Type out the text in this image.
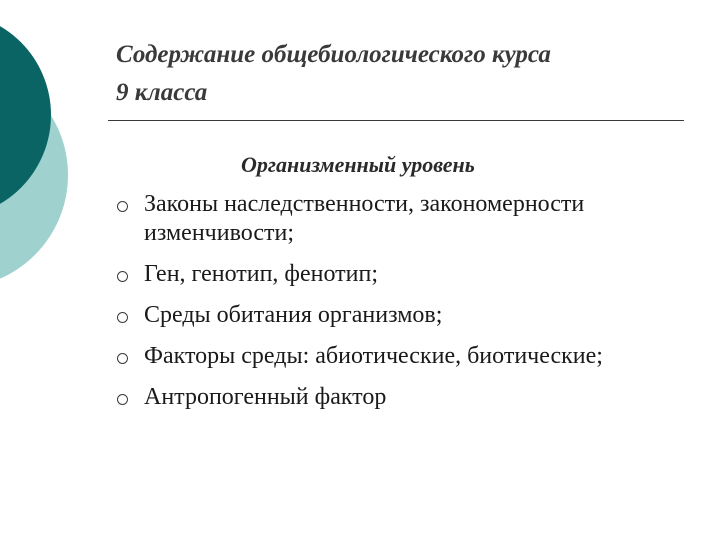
Содержание общебиологического курса
9 класса
Организменный уровень
Законы наследственности, закономерности изменчивости;
Ген, генотип, фенотип;
Среды обитания организмов;
Факторы среды: абиотические, биотические;
Антропогенный фактор
